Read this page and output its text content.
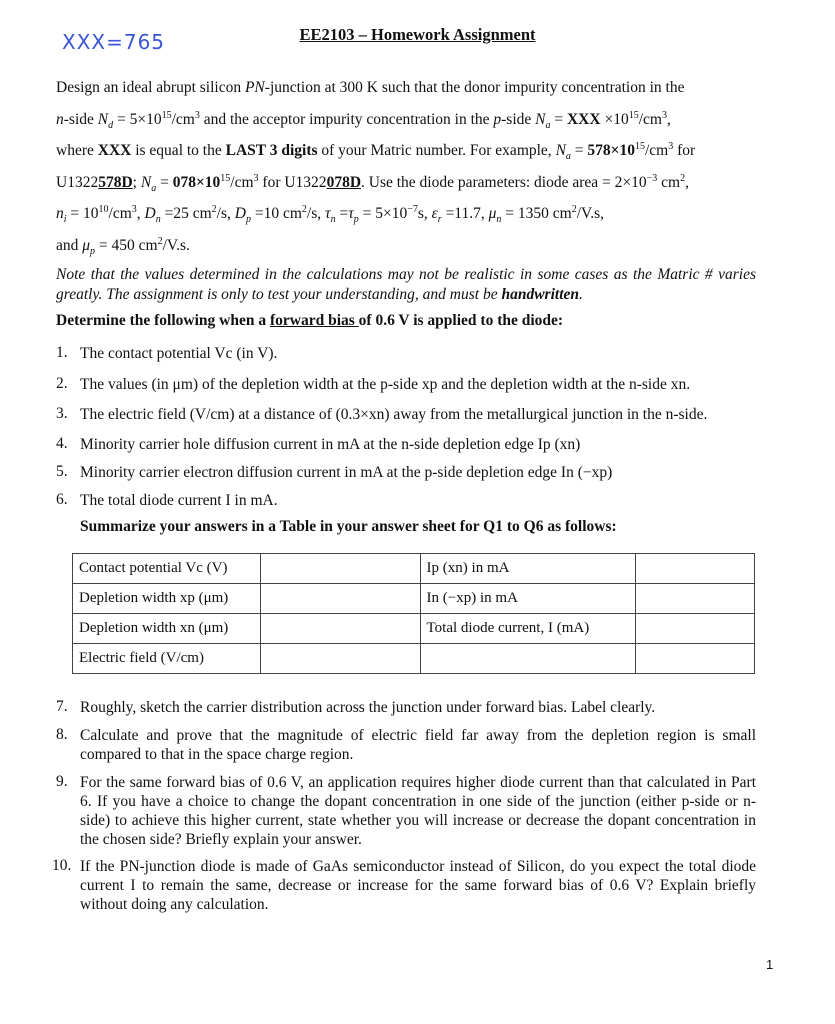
XXX=765	EE2103 – Homework Assignment
Design an ideal abrupt silicon PN-junction at 300 K such that the donor impurity concentration in the
n-side $N_d = 5\times 10^{15}/cm^3$ and the acceptor impurity concentration in the p-side $N_a$ = XXX $\times 10^{15}/cm^3$,
where XXX is equal to the LAST 3 digits of your Matric number. For example, $N_a = 578\times 10^{15}/cm^3$ for
U1322578D; $N_a = 078\times 10^{15}/cm^3$ for U1322078D. Use the diode parameters: diode area = $2\times 10^{-3}$ $cm^2$,
$n_i = 10^{10}/cm^3$, $D_n =25$ $cm^2/s$, $D_p =10$ $cm^2/s$, $\tau_n =\tau_p = 5\times 10^{-7}s$, $\varepsilon_r =11.7$, $\mu_n = 1350$ $cm^2/V.s$,
and $\mu_p = 450$ $cm^2/V.s$.
Note that the values determined in the calculations may not be realistic in some cases as the Matric # varies greatly. The assignment is only to test your understanding, and must be handwritten.
Determine the following when a forward bias of 0.6 V is applied to the diode:
1. The contact potential Vc (in V).
2. The values (in μm) of the depletion width at the p-side xp and the depletion width at the n-side xn.
3. The electric field (V/cm) at a distance of (0.3×xn) away from the metallurgical junction in the n-side.
4. Minority carrier hole diffusion current in mA at the n-side depletion edge Ip (xn)
5. Minority carrier electron diffusion current in mA at the p-side depletion edge In (−xp)
6. The total diode current I in mA.
Summarize your answers in a Table in your answer sheet for Q1 to Q6 as follows:
Contact potential Vc (V)		Ip (xn) in mA	
Depletion width xp (μm)		In (−xp) in mA	
Depletion width xn (μm)		Total diode current, I (mA)	
Electric field (V/cm)			
7. Roughly, sketch the carrier distribution across the junction under forward bias. Label clearly.
8. Calculate and prove that the magnitude of electric field far away from the depletion region is small compared to that in the space charge region.
9. For the same forward bias of 0.6 V, an application requires higher diode current than that calculated in Part 6. If you have a choice to change the dopant concentration in one side of the junction (either p-side or n-side) to achieve this higher current, state whether you will increase or decrease the dopant concentration in the chosen side? Briefly explain your answer.
10. If the PN-junction diode is made of GaAs semiconductor instead of Silicon, do you expect the total diode current I to remain the same, decrease or increase for the same forward bias of 0.6 V? Explain briefly without doing any calculation.
1
